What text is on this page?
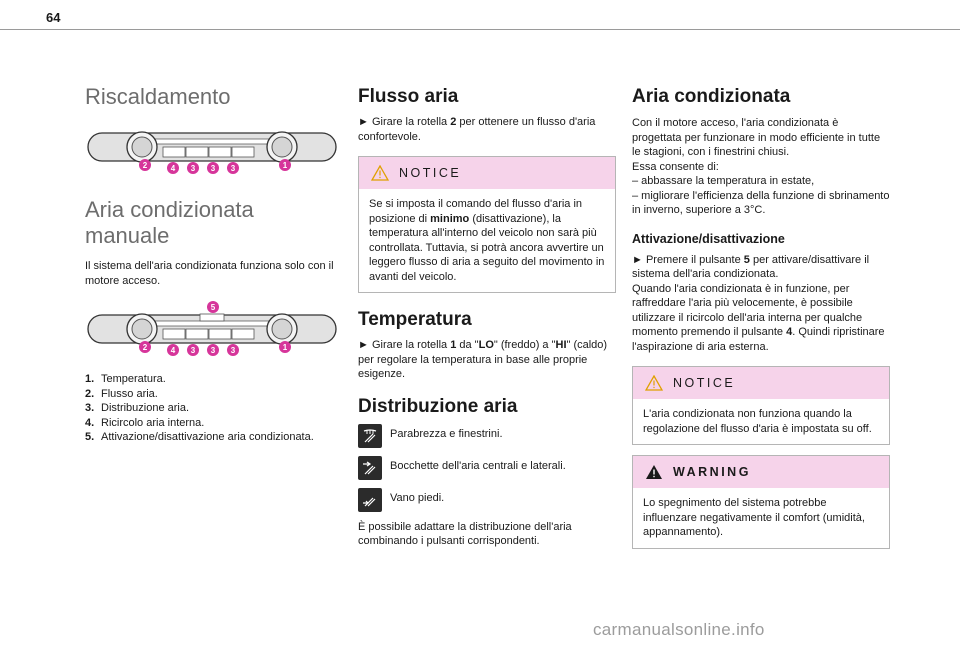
64
Riscaldamento
2	4 3 3 3	1
Aria condizionata
manuale

Il sistema dell'aria condizionata funziona solo con il motore acceso.

5
2	4 3 3 3	1
1. Temperatura.
2. Flusso aria.
3. Distribuzione aria.
4. Ricircolo aria interna.
5. Attivazione/disattivazione aria condizionata.
Flusso aria

► Girare la rotella 2 per ottenere un flusso d'aria confortevole.

NOTICE
Se si imposta il comando del flusso d'aria in posizione di minimo (disattivazione), la temperatura all'interno del veicolo non sarà più controllata. Tuttavia, si potrà ancora avvertire un leggero flusso di aria a seguito del movimento in avanti del veicolo.
Temperatura

► Girare la rotella 1 da "LO" (freddo) a "HI" (caldo) per regolare la temperatura in base alle proprie esigenze.

Distribuzione aria
Parabrezza e finestrini.
Bocchette dell'aria centrali e laterali.
Vano piedi.

È possibile adattare la distribuzione dell'aria combinando i pulsanti corrispondenti.

Aria condizionata

Con il motore acceso, l'aria condizionata è progettata per funzionare in modo efficiente in tutte le stagioni, con i finestrini chiusi.
Essa consente di:
– abbassare la temperatura in estate,
– migliorare l'efficienza della funzione di sbrinamento in inverno, superiore a 3°C.

Attivazione/disattivazione

► Premere il pulsante 5 per attivare/disattivare il sistema dell'aria condizionata.
Quando l'aria condizionata è in funzione, per raffreddare l'aria più velocemente, è possibile utilizzare il ricircolo dell'aria interna per qualche momento premendo il pulsante 4. Quindi ripristinare l'aspirazione di aria esterna.

NOTICE
L'aria condizionata non funziona quando la regolazione del flusso d'aria è impostata su off.
WARNING
Lo spegnimento del sistema potrebbe influenzare negativamente il comfort (umidità, appannamento).
carmanualsonline.info
